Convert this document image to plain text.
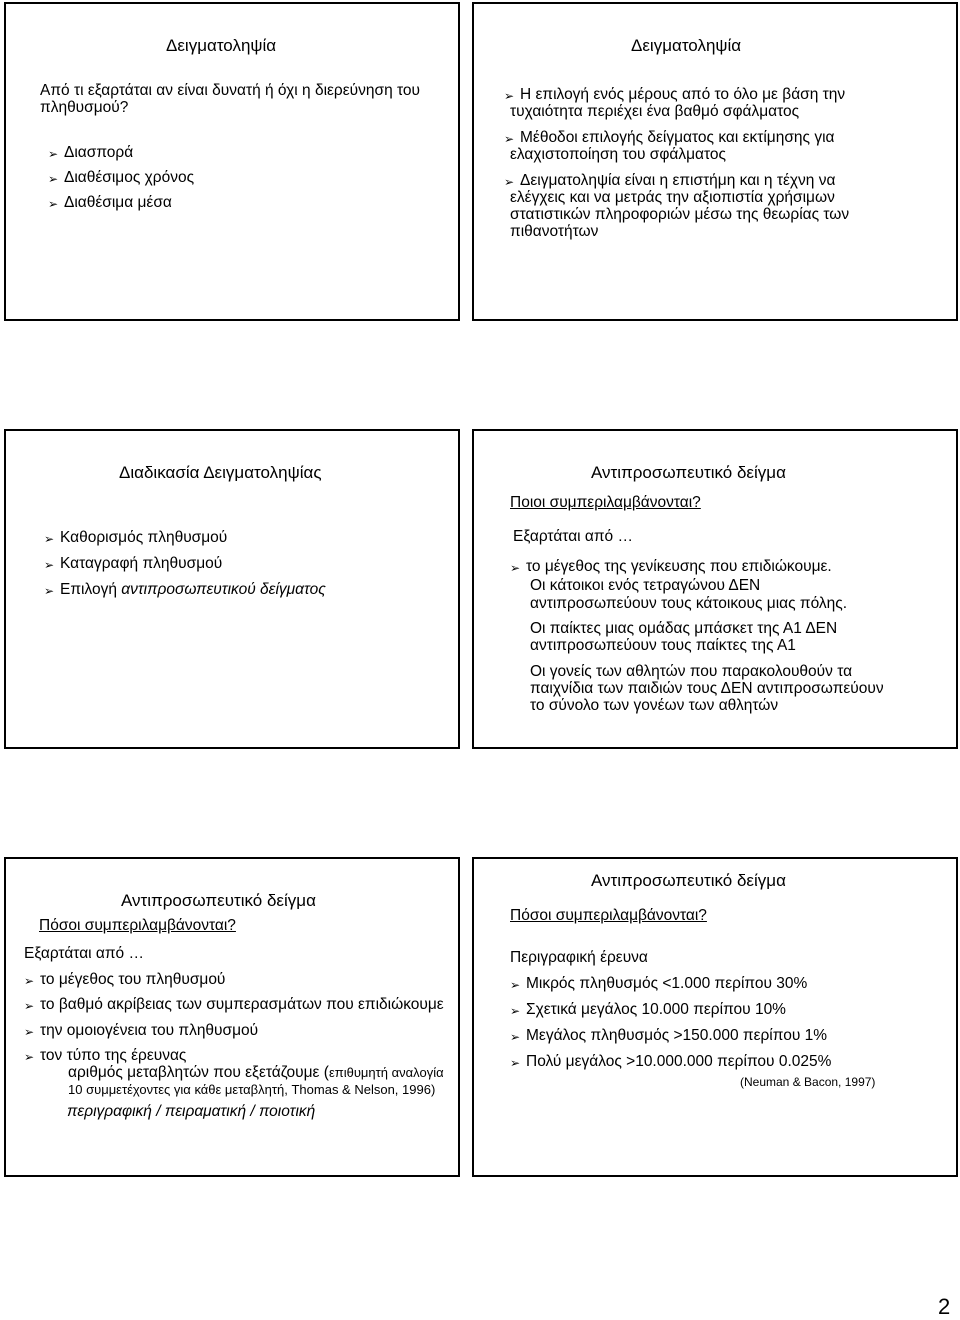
Δειγματοληψία
Από τι εξαρτάται αν είναι δυνατή ή όχι η διερεύνηση του
πληθυσμού?
➢ Διασπορά
➢ Διαθέσιμος χρόνος
➢ Διαθέσιμα μέσα
Δειγματοληψία
➢ Η επιλογή ενός μέρους από το όλο με βάση την
τυχαιότητα περιέχει ένα βαθμό σφάλματος
➢ Μέθοδοι επιλογής δείγματος και εκτίμησης για
ελαχιστοποίηση του σφάλματος
➢ Δειγματοληψία είναι η επιστήμη και η τέχνη να
ελέγχεις και να μετράς την αξιοπιστία χρήσιμων
στατιστικών πληροφοριών μέσω της θεωρίας των
πιθανοτήτων
Διαδικασία Δειγματοληψίας
➢ Καθορισμός πληθυσμού
➢ Καταγραφή πληθυσμού
➢ Επιλογή αντιπροσωπευτικού δείγματος
Αντιπροσωπευτικό δείγμα
Ποιοι συμπεριλαμβάνονται?
Εξαρτάται από …
➢ το μέγεθος της γενίκευσης που επιδιώκουμε.
Οι κάτοικοι ενός τετραγώνου ΔΕΝ
αντιπροσωπεύουν τους κάτοικους μιας πόλης.
Οι παίκτες μιας ομάδας μπάσκετ της Α1 ΔΕΝ
αντιπροσωπεύουν τους παίκτες της Α1
Οι γονείς των αθλητών που παρακολουθούν τα
παιχνίδια των παιδιών τους ΔΕΝ αντιπροσωπεύουν
το σύνολο των γονέων των αθλητών
Αντιπροσωπευτικό δείγμα
Πόσοι συμπεριλαμβάνονται?
Εξαρτάται από …
➢ το μέγεθος του πληθυσμού
➢ το βαθμό ακρίβειας των συμπερασμάτων που επιδιώκουμε
➢ την ομοιογένεια του πληθυσμού
➢ τον τύπο της έρευνας
αριθμός μεταβλητών που εξετάζουμε (επιθυμητή αναλογία
10 συμμετέχοντες για κάθε μεταβλητή, Thomas & Nelson, 1996)
περιγραφική / πειραματική / ποιοτική
Αντιπροσωπευτικό δείγμα
Πόσοι συμπεριλαμβάνονται?
Περιγραφική έρευνα
➢ Μικρός πληθυσμός <1.000 περίπου 30%
➢ Σχετικά μεγάλος 10.000 περίπου 10%
➢ Μεγάλος πληθυσμός >150.000 περίπου 1%
➢ Πολύ μεγάλος >10.000.000 περίπου 0.025%
(Neuman & Bacon, 1997)
2
